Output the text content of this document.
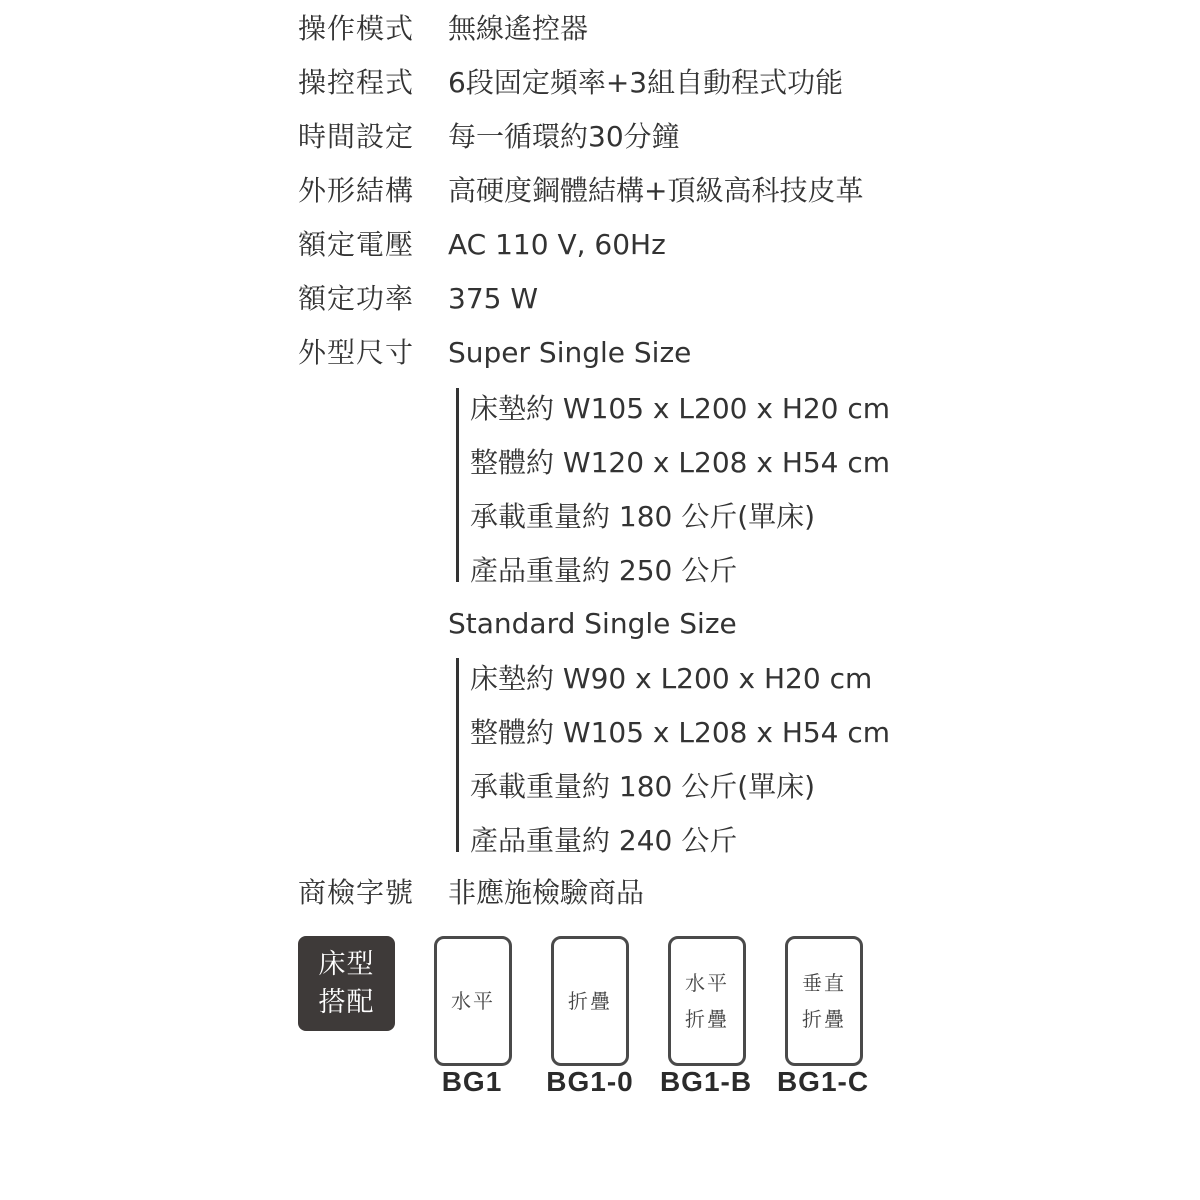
操作模式	無線遙控器
操控程式	6段固定頻率+3組自動程式功能
時間設定	每一循環約30分鐘
外形結構	高硬度鋼體結構+頂級高科技皮革
額定電壓	AC 110 V, 60Hz
額定功率	375 W
外型尺寸	Super Single Size
床墊約 W105 x L200 x H20 cm
整體約 W120 x L208 x H54 cm
承載重量約 180 公斤(單床)
產品重量約 250 公斤
Standard Single Size
床墊約 W90 x L200 x H20 cm
整體約 W105 x L208 x H54 cm
承載重量約 180 公斤(單床)
產品重量約 240 公斤
商檢字號	非應施檢驗商品
床型
搭配	水平
BG1
折疊
BG1-0
水平
折疊
BG1-B
垂直
折疊
BG1-C
